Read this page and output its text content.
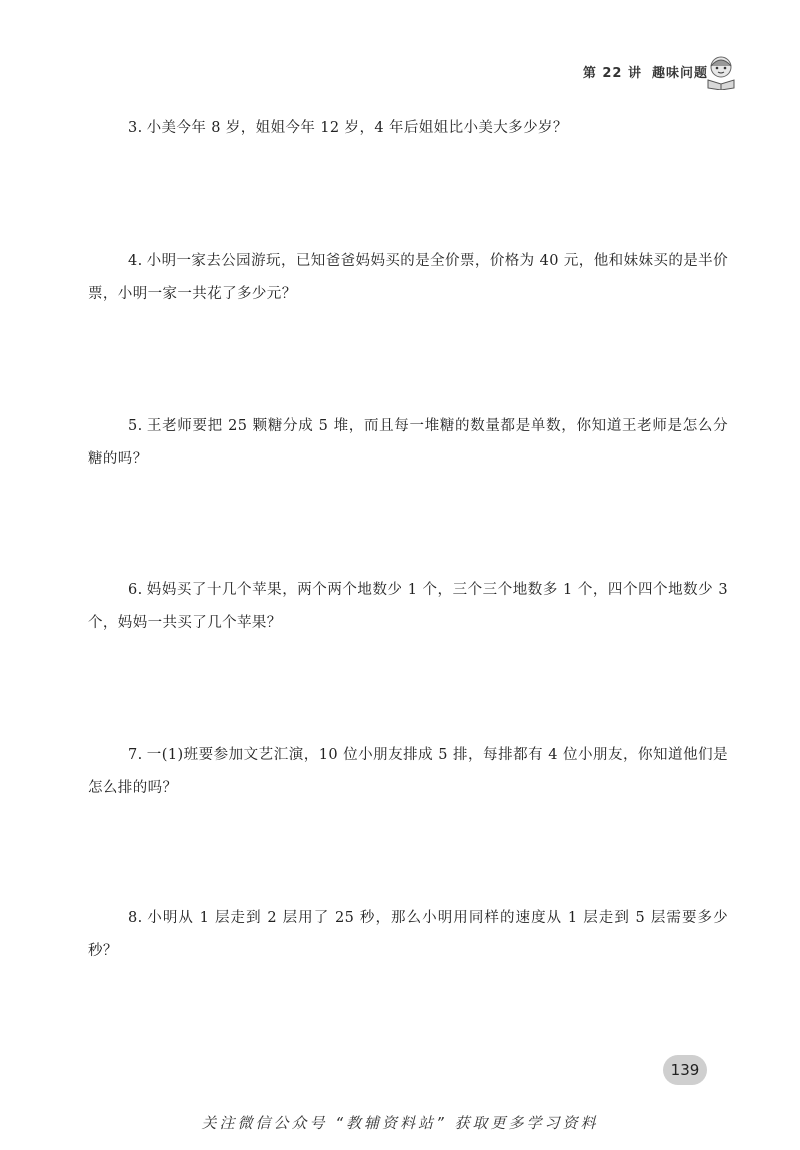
第 22 讲 趣味问题
3. 小美今年 8 岁，姐姐今年 12 岁，4 年后姐姐比小美大多少岁？
4. 小明一家去公园游玩，已知爸爸妈妈买的是全价票，价格为 40 元，他和妹妹买的是半价票，小明一家一共花了多少元？
5. 王老师要把 25 颗糖分成 5 堆，而且每一堆糖的数量都是单数，你知道王老师是怎么分糖的吗？
6. 妈妈买了十几个苹果，两个两个地数少 1 个，三个三个地数多 1 个，四个四个地数少 3 个，妈妈一共买了几个苹果？
7. 一(1)班要参加文艺汇演，10 位小朋友排成 5 排，每排都有 4 位小朋友，你知道他们是怎么排的吗？
8. 小明从 1 层走到 2 层用了 25 秒，那么小明用同样的速度从 1 层走到 5 层需要多少秒？
139
关注微信公众号 “教辅资料站” 获取更多学习资料
